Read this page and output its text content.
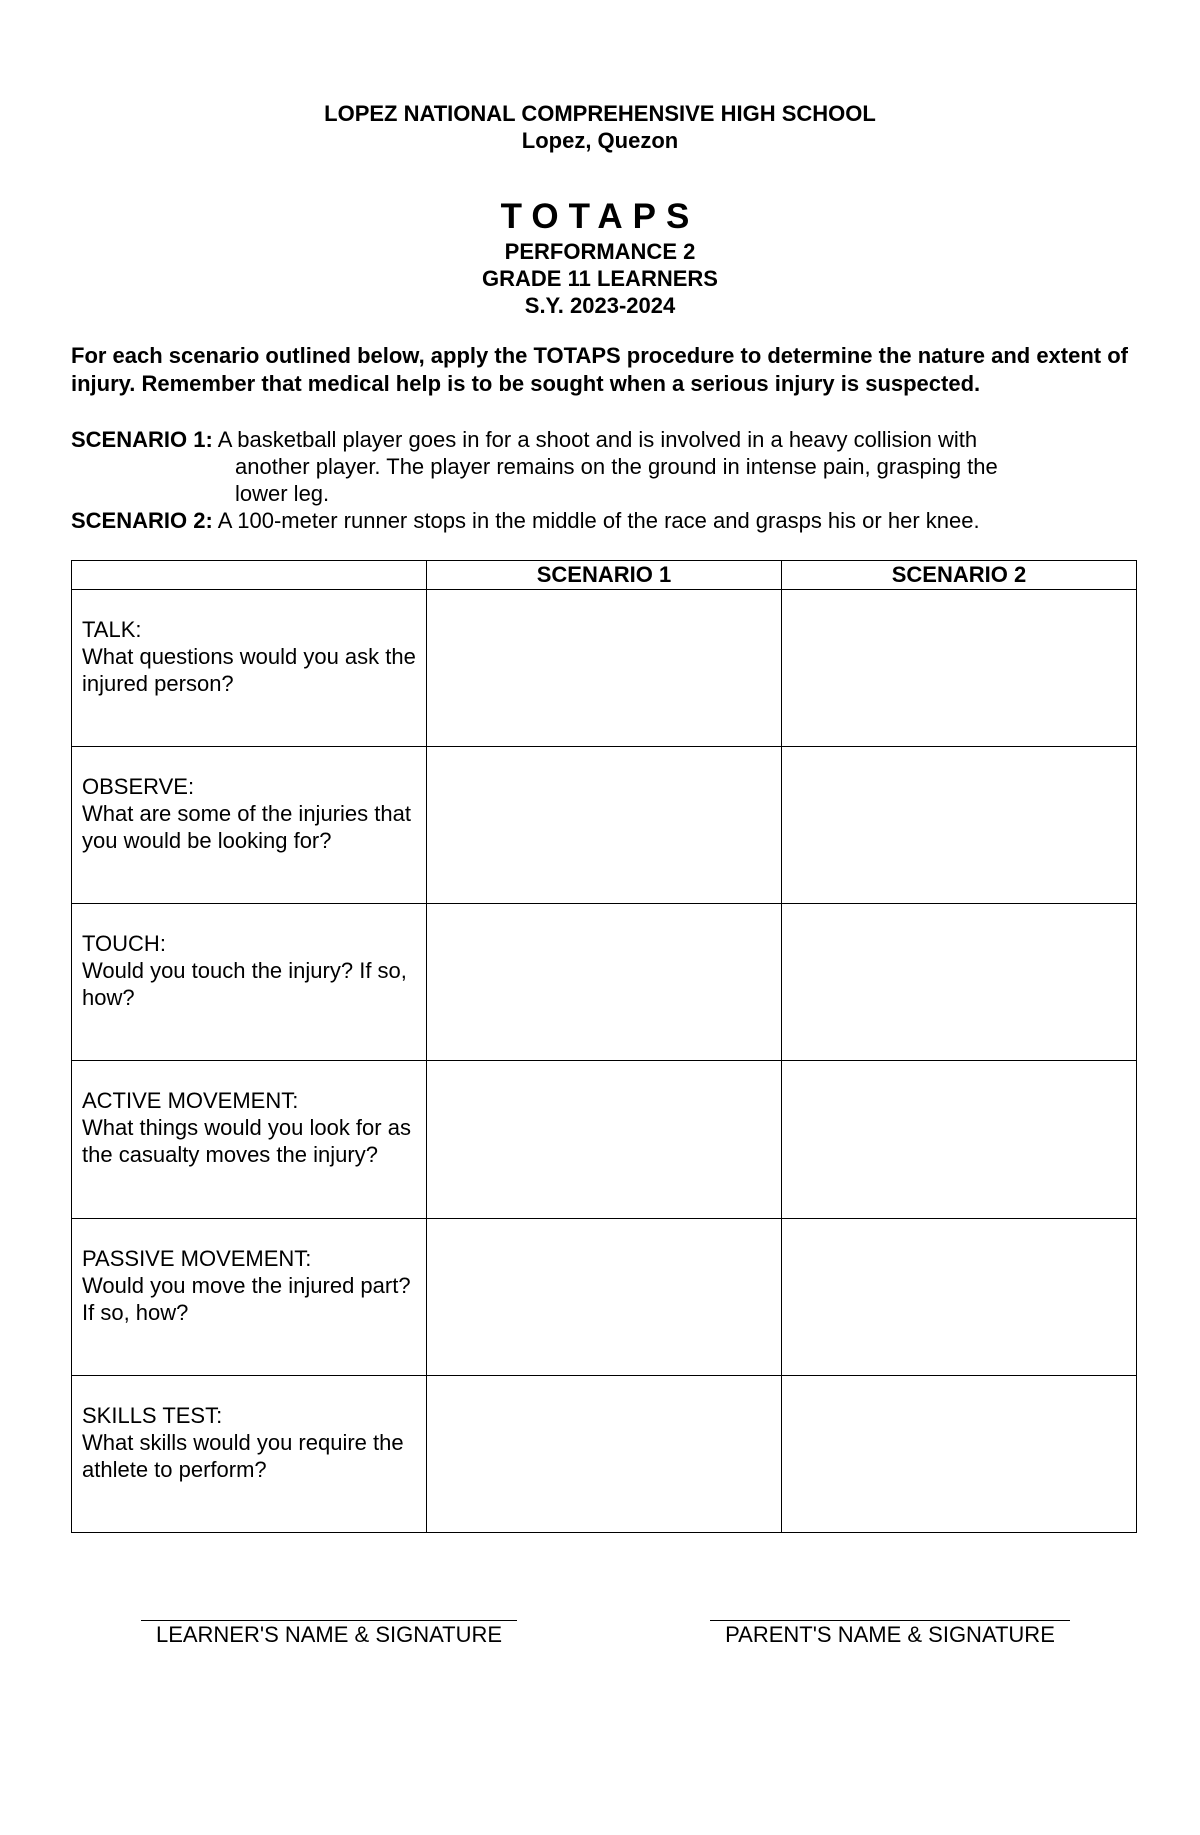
LOPEZ NATIONAL COMPREHENSIVE HIGH SCHOOL
Lopez, Quezon
TOTAPS
PERFORMANCE 2
GRADE 11 LEARNERS
S.Y. 2023-2024
For each scenario outlined below, apply the TOTAPS procedure to determine the nature and extent of injury. Remember that medical help is to be sought when a serious injury is suspected.
SCENARIO 1: A basketball player goes in for a shoot and is involved in a heavy collision with
another player. The player remains on the ground in intense pain, grasping the
lower leg.
SCENARIO 2: A 100-meter runner stops in the middle of the race and grasps his or her knee.
	SCENARIO 1	SCENARIO 2

TALK:
What questions would you ask the injured person?		

OBSERVE:
What are some of the injuries that you would be looking for?		

TOUCH:
Would you touch the injury? If so, how?		

ACTIVE MOVEMENT:
What things would you look for as the casualty moves the injury?		

PASSIVE MOVEMENT:
Would you move the injured part? If so, how?		

SKILLS TEST:
What skills would you require the athlete to perform?		

LEARNER'S NAME & SIGNATURE	PARENT'S NAME & SIGNATURE
